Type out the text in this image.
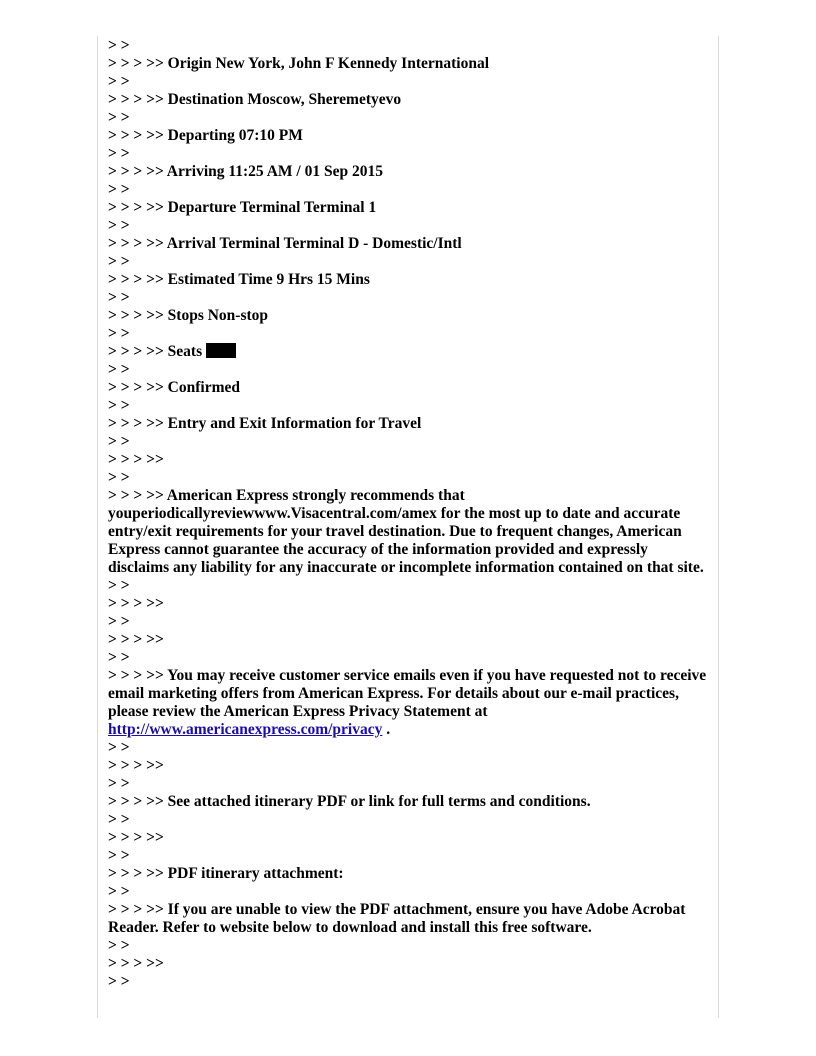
> >
> > > >> Origin New York, John F Kennedy International
> >
> > > >> Destination Moscow, Sheremetyevo
> >
> > > >> Departing 07:10 PM
> >
> > > >> Arriving 11:25 AM / 01 Sep 2015
> >
> > > >> Departure Terminal Terminal 1
> >
> > > >> Arrival Terminal Terminal D - Domestic/Intl
> >
> > > >> Estimated Time 9 Hrs 15 Mins
> >
> > > >> Stops Non-stop
> >
> > > >> Seats
> >
> > > >> Confirmed
> >
> > > >> Entry and Exit Information for Travel
> >
> > > >>
> >
> > > >> American Express strongly recommends that youperiodicallyreviewwww.Visacentral.com/amex for the most up to date and accurate entry/exit requirements for your travel destination. Due to frequent changes, American Express cannot guarantee the accuracy of the information provided and expressly disclaims any liability for any inaccurate or incomplete information contained on that site.
> >
> > > >>
> >
> > > >>
> >
> > > >> You may receive customer service emails even if you have requested not to receive email marketing offers from American Express. For details about our e-mail practices, please review the American Express Privacy Statement at http://www.americanexpress.com/privacy .
> >
> > > >>
> >
> > > >> See attached itinerary PDF or link for full terms and conditions.
> >
> > > >>
> >
> > > >> PDF itinerary attachment:
> >
> > > >> If you are unable to view the PDF attachment, ensure you have Adobe Acrobat Reader. Refer to website below to download and install this free software.
> >
> > > >>
> >
